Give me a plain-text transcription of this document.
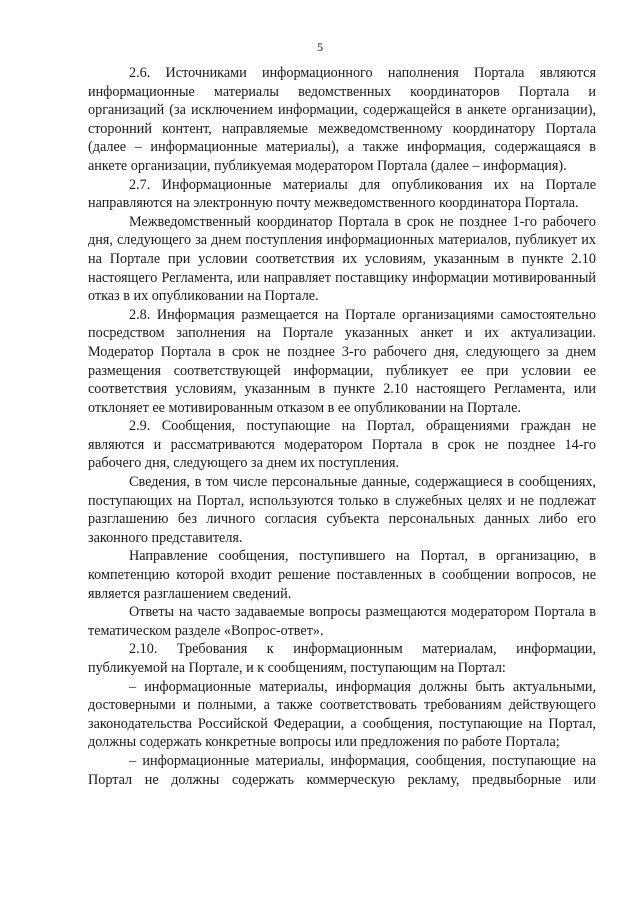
5

2.6. Источниками информационного наполнения Портала являются информационные материалы ведомственных координаторов Портала и организаций (за исключением информации, содержащейся в анкете организации), сторонний контент, направляемые межведомственному координатору Портала (далее – информационные материалы), а также информация, содержащаяся в анкете организации, публикуемая модератором Портала (далее – информация).

2.7. Информационные материалы для опубликования их на Портале направляются на электронную почту межведомственного координатора Портала.

Межведомственный координатор Портала в срок не позднее 1-го рабочего дня, следующего за днем поступления информационных материалов, публикует их на Портале при условии соответствия их условиям, указанным в пункте 2.10 настоящего Регламента, или направляет поставщику информации мотивированный отказ в их опубликовании на Портале.

2.8. Информация размещается на Портале организациями самостоятельно посредством заполнения на Портале указанных анкет и их актуализации. Модератор Портала в срок не позднее 3-го рабочего дня, следующего за днем размещения соответствующей информации, публикует ее при условии ее соответствия условиям, указанным в пункте 2.10 настоящего Регламента, или отклоняет ее мотивированным отказом в ее опубликовании на Портале.

2.9. Сообщения, поступающие на Портал, обращениями граждан не являются и рассматриваются модератором Портала в срок не позднее 14-го рабочего дня, следующего за днем их поступления.

Сведения, в том числе персональные данные, содержащиеся в сообщениях, поступающих на Портал, используются только в служебных целях и не подлежат разглашению без личного согласия субъекта персональных данных либо его законного представителя.

Направление сообщения, поступившего на Портал, в организацию, в компетенцию которой входит решение поставленных в сообщении вопросов, не является разглашением сведений.

Ответы на часто задаваемые вопросы размещаются модератором Портала в тематическом разделе «Вопрос-ответ».

2.10. Требования к информационным материалам, информации, публикуемой на Портале, и к сообщениям, поступающим на Портал:

– информационные материалы, информация должны быть актуальными, достоверными и полными, а также соответствовать требованиям действующего законодательства Российской Федерации, а сообщения, поступающие на Портал, должны содержать конкретные вопросы или предложения по работе Портала;

– информационные материалы, информация, сообщения, поступающие на Портал не должны содержать коммерческую рекламу, предвыборные или
